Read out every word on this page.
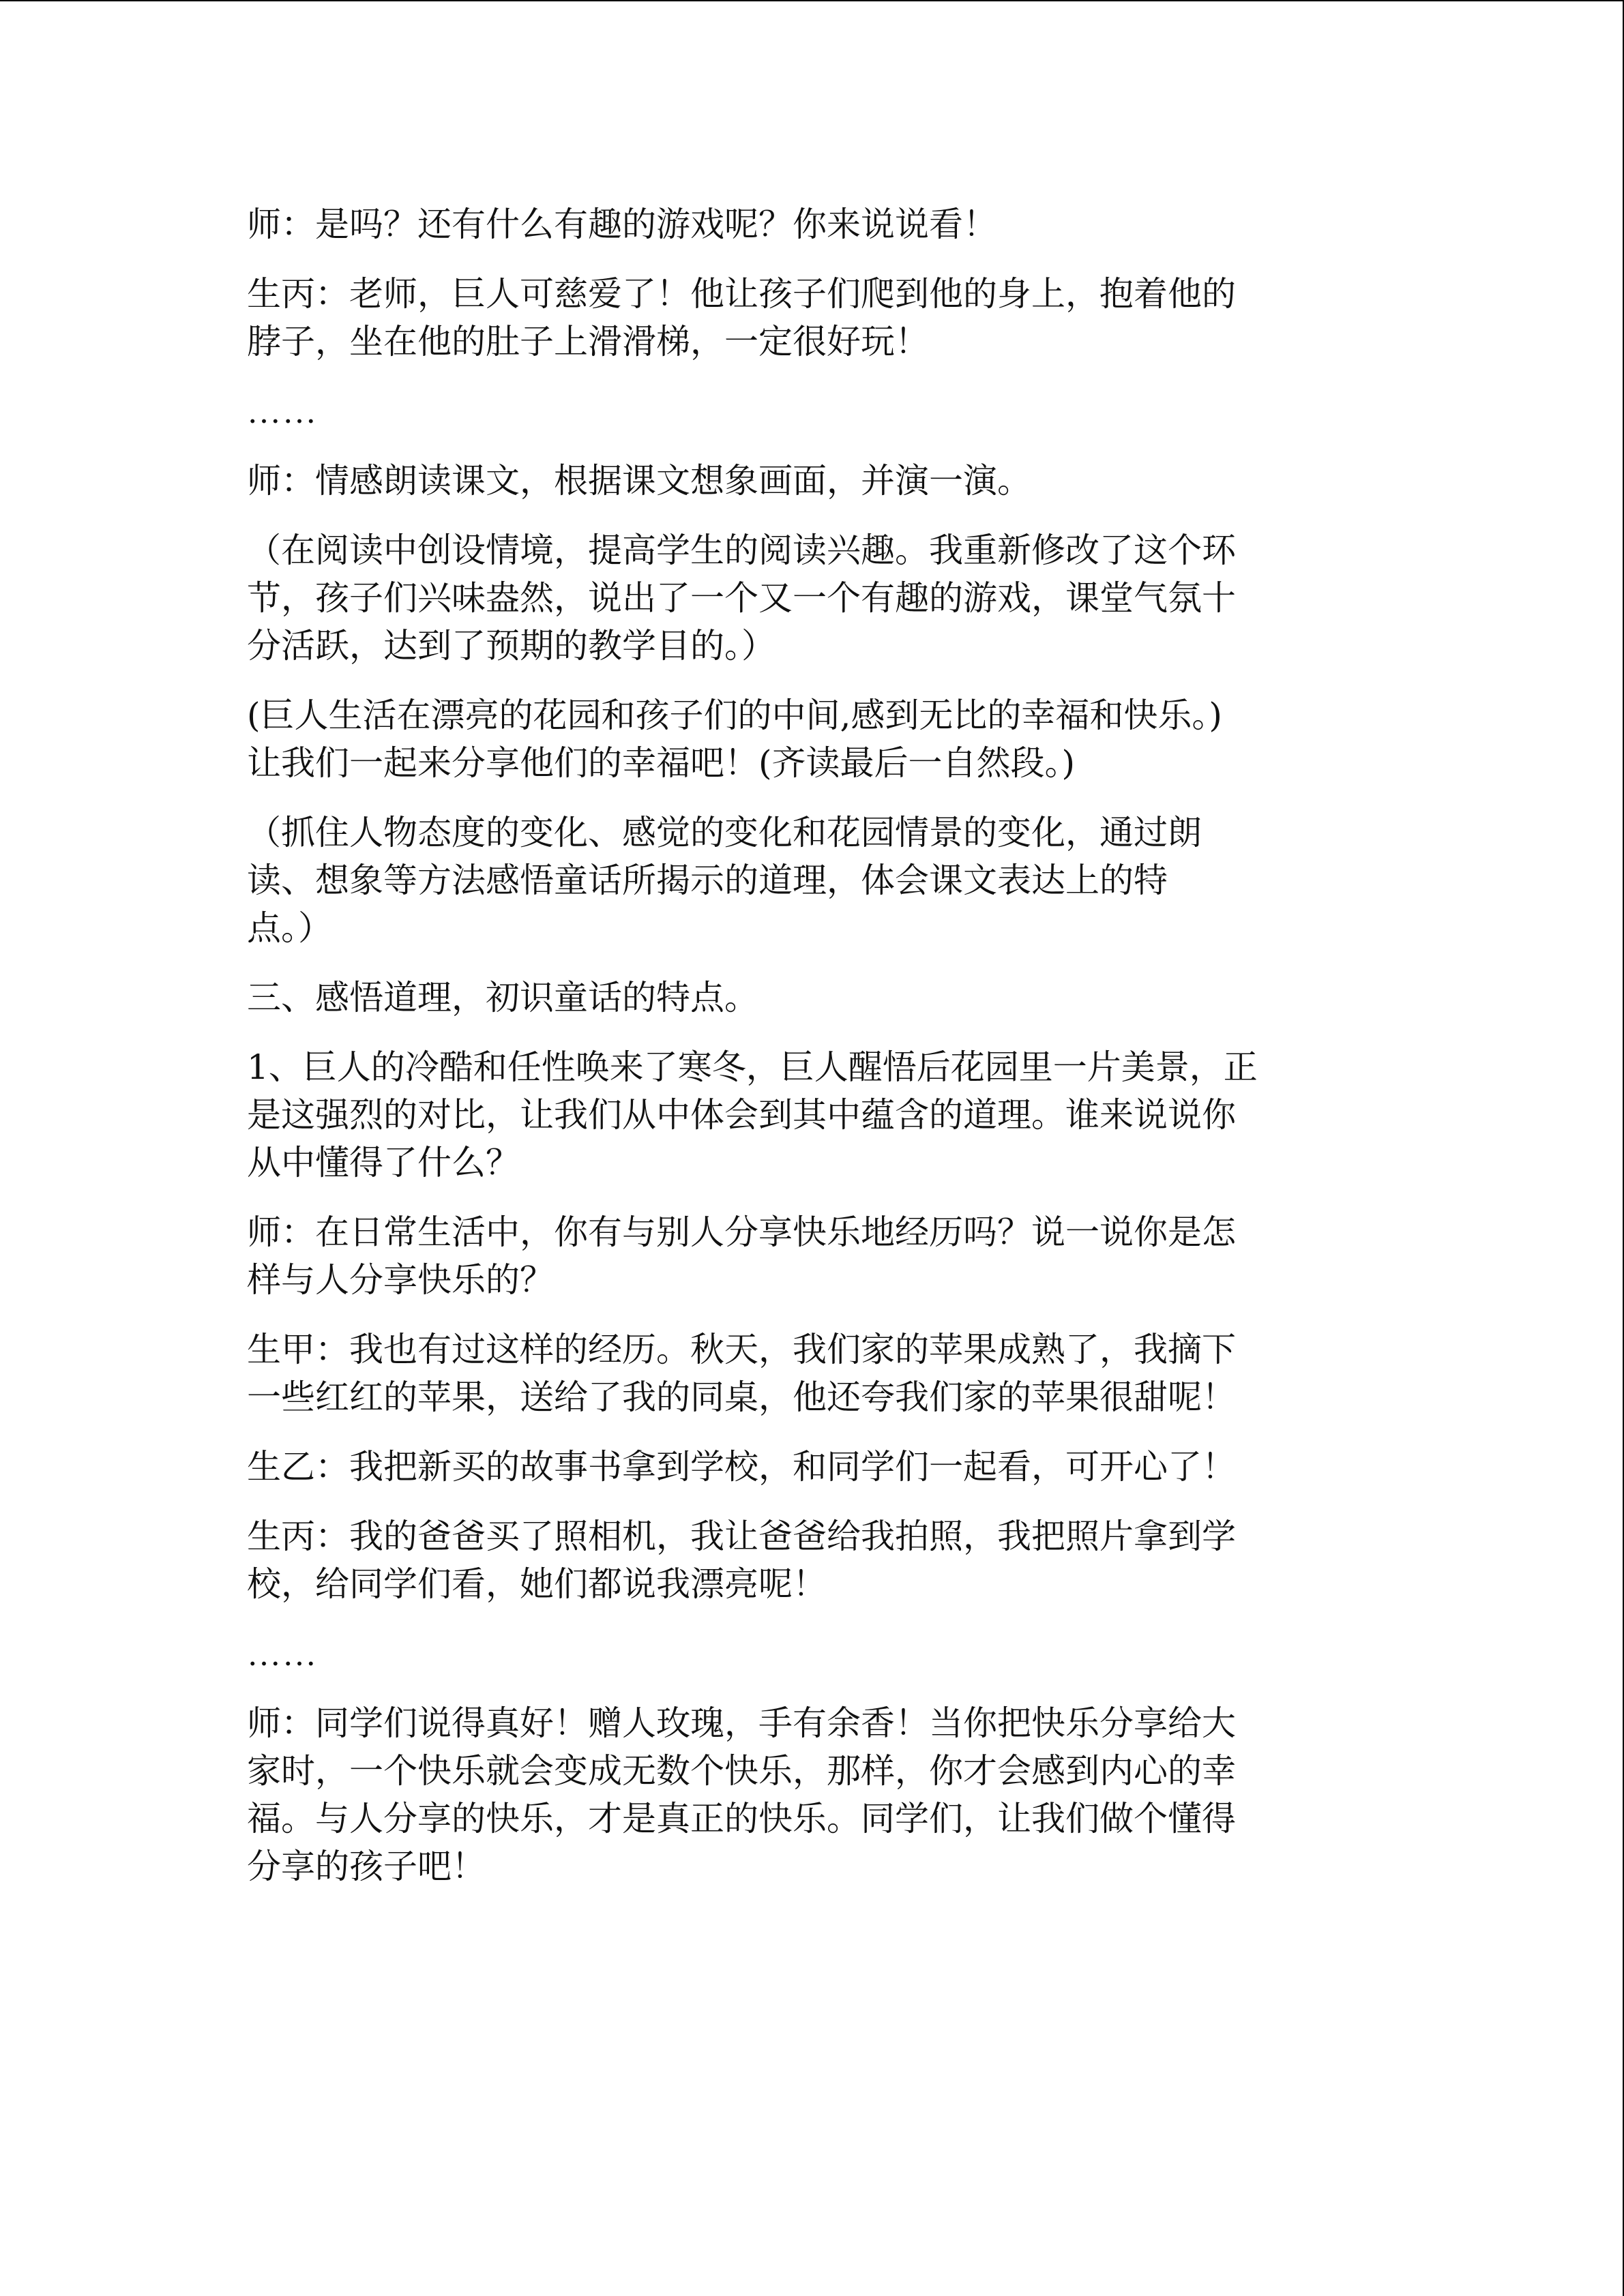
师：是吗？还有什么有趣的游戏呢？你来说说看！

生丙：老师，巨人可慈爱了！他让孩子们爬到他的身上，抱着他的
脖子，坐在他的肚子上滑滑梯，一定很好玩！

……

师：情感朗读课文，根据课文想象画面，并演一演。

（在阅读中创设情境，提高学生的阅读兴趣。我重新修改了这个环
节，孩子们兴味盎然，说出了一个又一个有趣的游戏，课堂气氛十
分活跃，达到了预期的教学目的。）

(巨人生活在漂亮的花园和孩子们的中间,感到无比的幸福和快乐。)
让我们一起来分享他们的幸福吧！(齐读最后一自然段。)

（抓住人物态度的变化、感觉的变化和花园情景的变化，通过朗
读、想象等方法感悟童话所揭示的道理，体会课文表达上的特
点。）

三、感悟道理，初识童话的特点。

1、巨人的冷酷和任性唤来了寒冬，巨人醒悟后花园里一片美景，正
是这强烈的对比，让我们从中体会到其中蕴含的道理。谁来说说你
从中懂得了什么？

师：在日常生活中，你有与别人分享快乐地经历吗？说一说你是怎
样与人分享快乐的？

生甲：我也有过这样的经历。秋天，我们家的苹果成熟了，我摘下
一些红红的苹果，送给了我的同桌，他还夸我们家的苹果很甜呢！

生乙：我把新买的故事书拿到学校，和同学们一起看，可开心了！

生丙：我的爸爸买了照相机，我让爸爸给我拍照，我把照片拿到学
校，给同学们看，她们都说我漂亮呢！

……

师：同学们说得真好！赠人玫瑰，手有余香！当你把快乐分享给大
家时，一个快乐就会变成无数个快乐，那样，你才会感到内心的幸
福。与人分享的快乐，才是真正的快乐。同学们，让我们做个懂得
分享的孩子吧！
